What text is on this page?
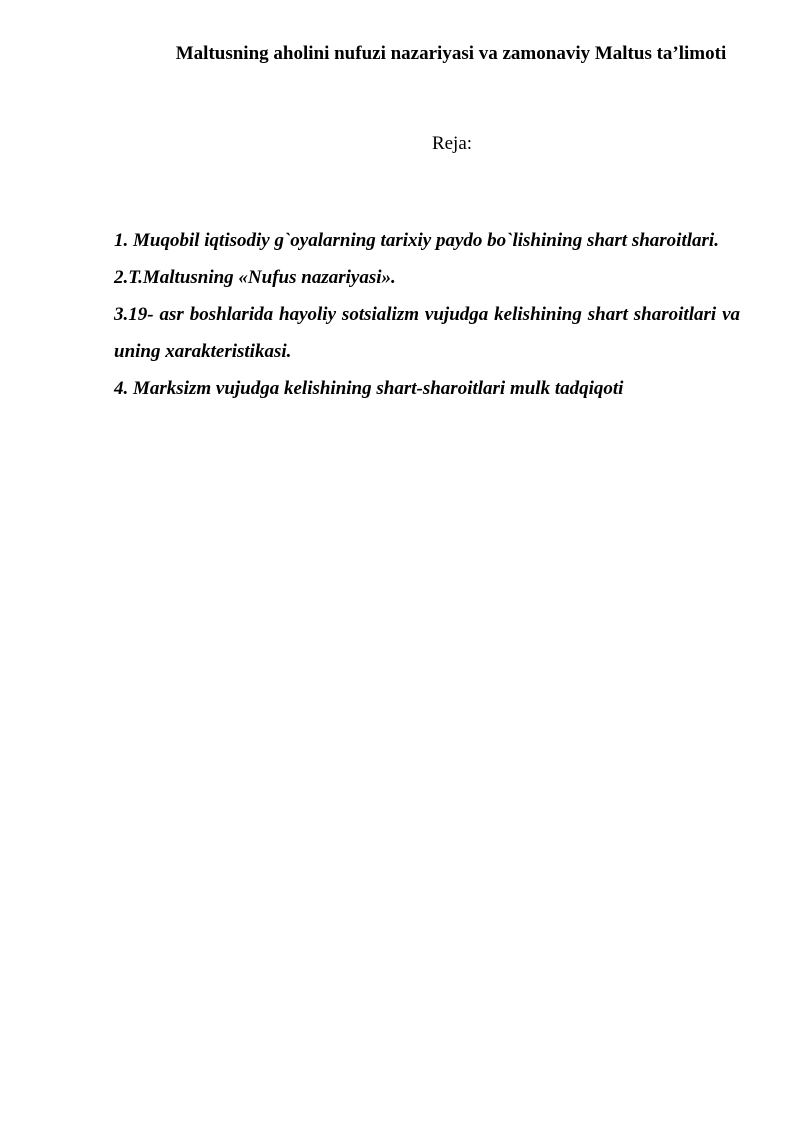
Maltusning aholini nufuzi nazariyasi va zamonaviy Maltus ta’limoti

Reja:

1. Muqobil iqtisodiy g`oyalarning tarixiy paydo bo`lishining shart sharoitlari.
2.T.Maltusning «Nufus nazariyasi».
3.19- asr boshlarida hayoliy sotsializm vujudga kelishining shart sharoitlari va uning xarakteristikasi.
4. Marksizm vujudga kelishining shart-sharoitlari mulk tadqiqoti
